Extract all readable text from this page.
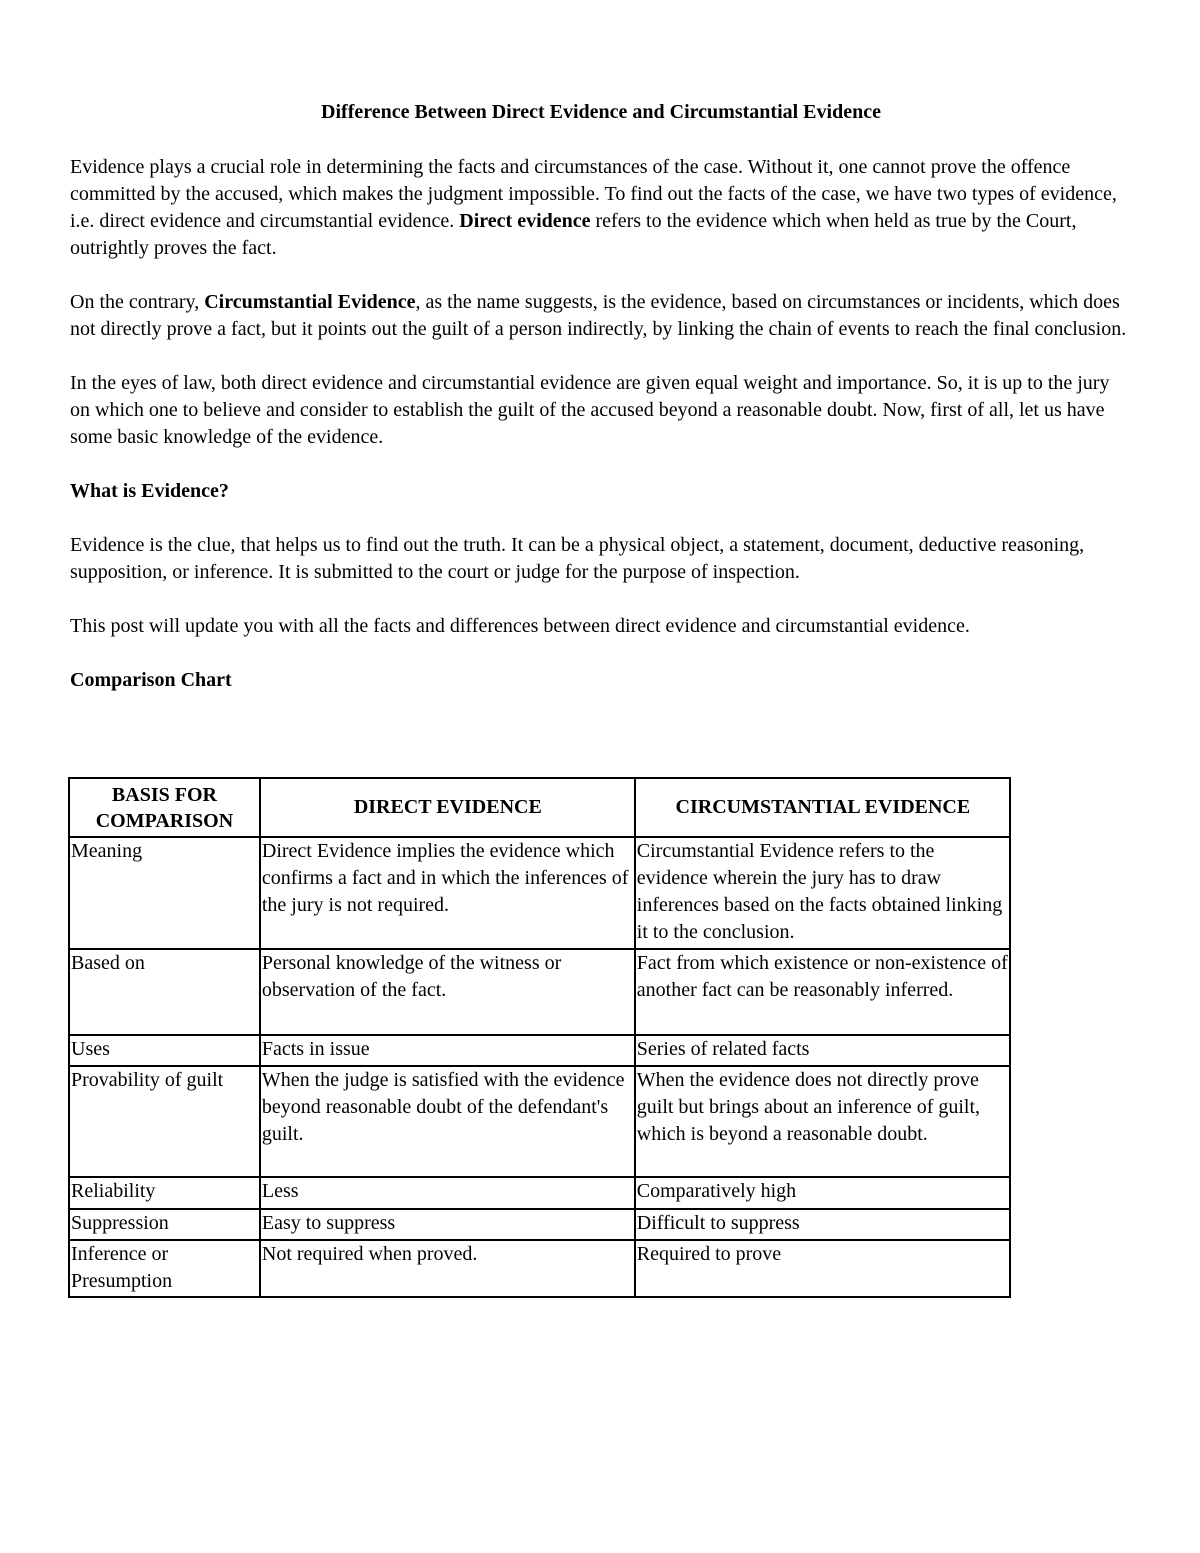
Difference Between Direct Evidence and Circumstantial Evidence

Evidence plays a crucial role in determining the facts and circumstances of the case. Without it, one cannot prove the offence committed by the accused, which makes the judgment impossible. To find out the facts of the case, we have two types of evidence, i.e. direct evidence and circumstantial evidence. Direct evidence refers to the evidence which when held as true by the Court, outrightly proves the fact.

On the contrary, Circumstantial Evidence, as the name suggests, is the evidence, based on circumstances or incidents, which does not directly prove a fact, but it points out the guilt of a person indirectly, by linking the chain of events to reach the final conclusion.

In the eyes of law, both direct evidence and circumstantial evidence are given equal weight and importance. So, it is up to the jury on which one to believe and consider to establish the guilt of the accused beyond a reasonable doubt. Now, first of all, let us have some basic knowledge of the evidence.

What is Evidence?

Evidence is the clue, that helps us to find out the truth. It can be a physical object, a statement, document, deductive reasoning, supposition, or inference. It is submitted to the court or judge for the purpose of inspection.

This post will update you with all the facts and differences between direct evidence and circumstantial evidence.

Comparison Chart
BASIS FOR COMPARISON	DIRECT EVIDENCE	CIRCUMSTANTIAL EVIDENCE
Meaning	Direct Evidence implies the evidence which confirms a fact and in which the inferences of the jury is not required.	Circumstantial Evidence refers to the evidence wherein the jury has to draw inferences based on the facts obtained linking it to the conclusion.
Based on	Personal knowledge of the witness or observation of the fact.	Fact from which existence or non-existence of another fact can be reasonably inferred.
Uses	Facts in issue	Series of related facts
Provability of guilt	When the judge is satisfied with the evidence beyond reasonable doubt of the defendant's guilt.	When the evidence does not directly prove guilt but brings about an inference of guilt, which is beyond a reasonable doubt.
Reliability	Less	Comparatively high
Suppression	Easy to suppress	Difficult to suppress
Inference or Presumption	Not required when proved.	Required to prove
